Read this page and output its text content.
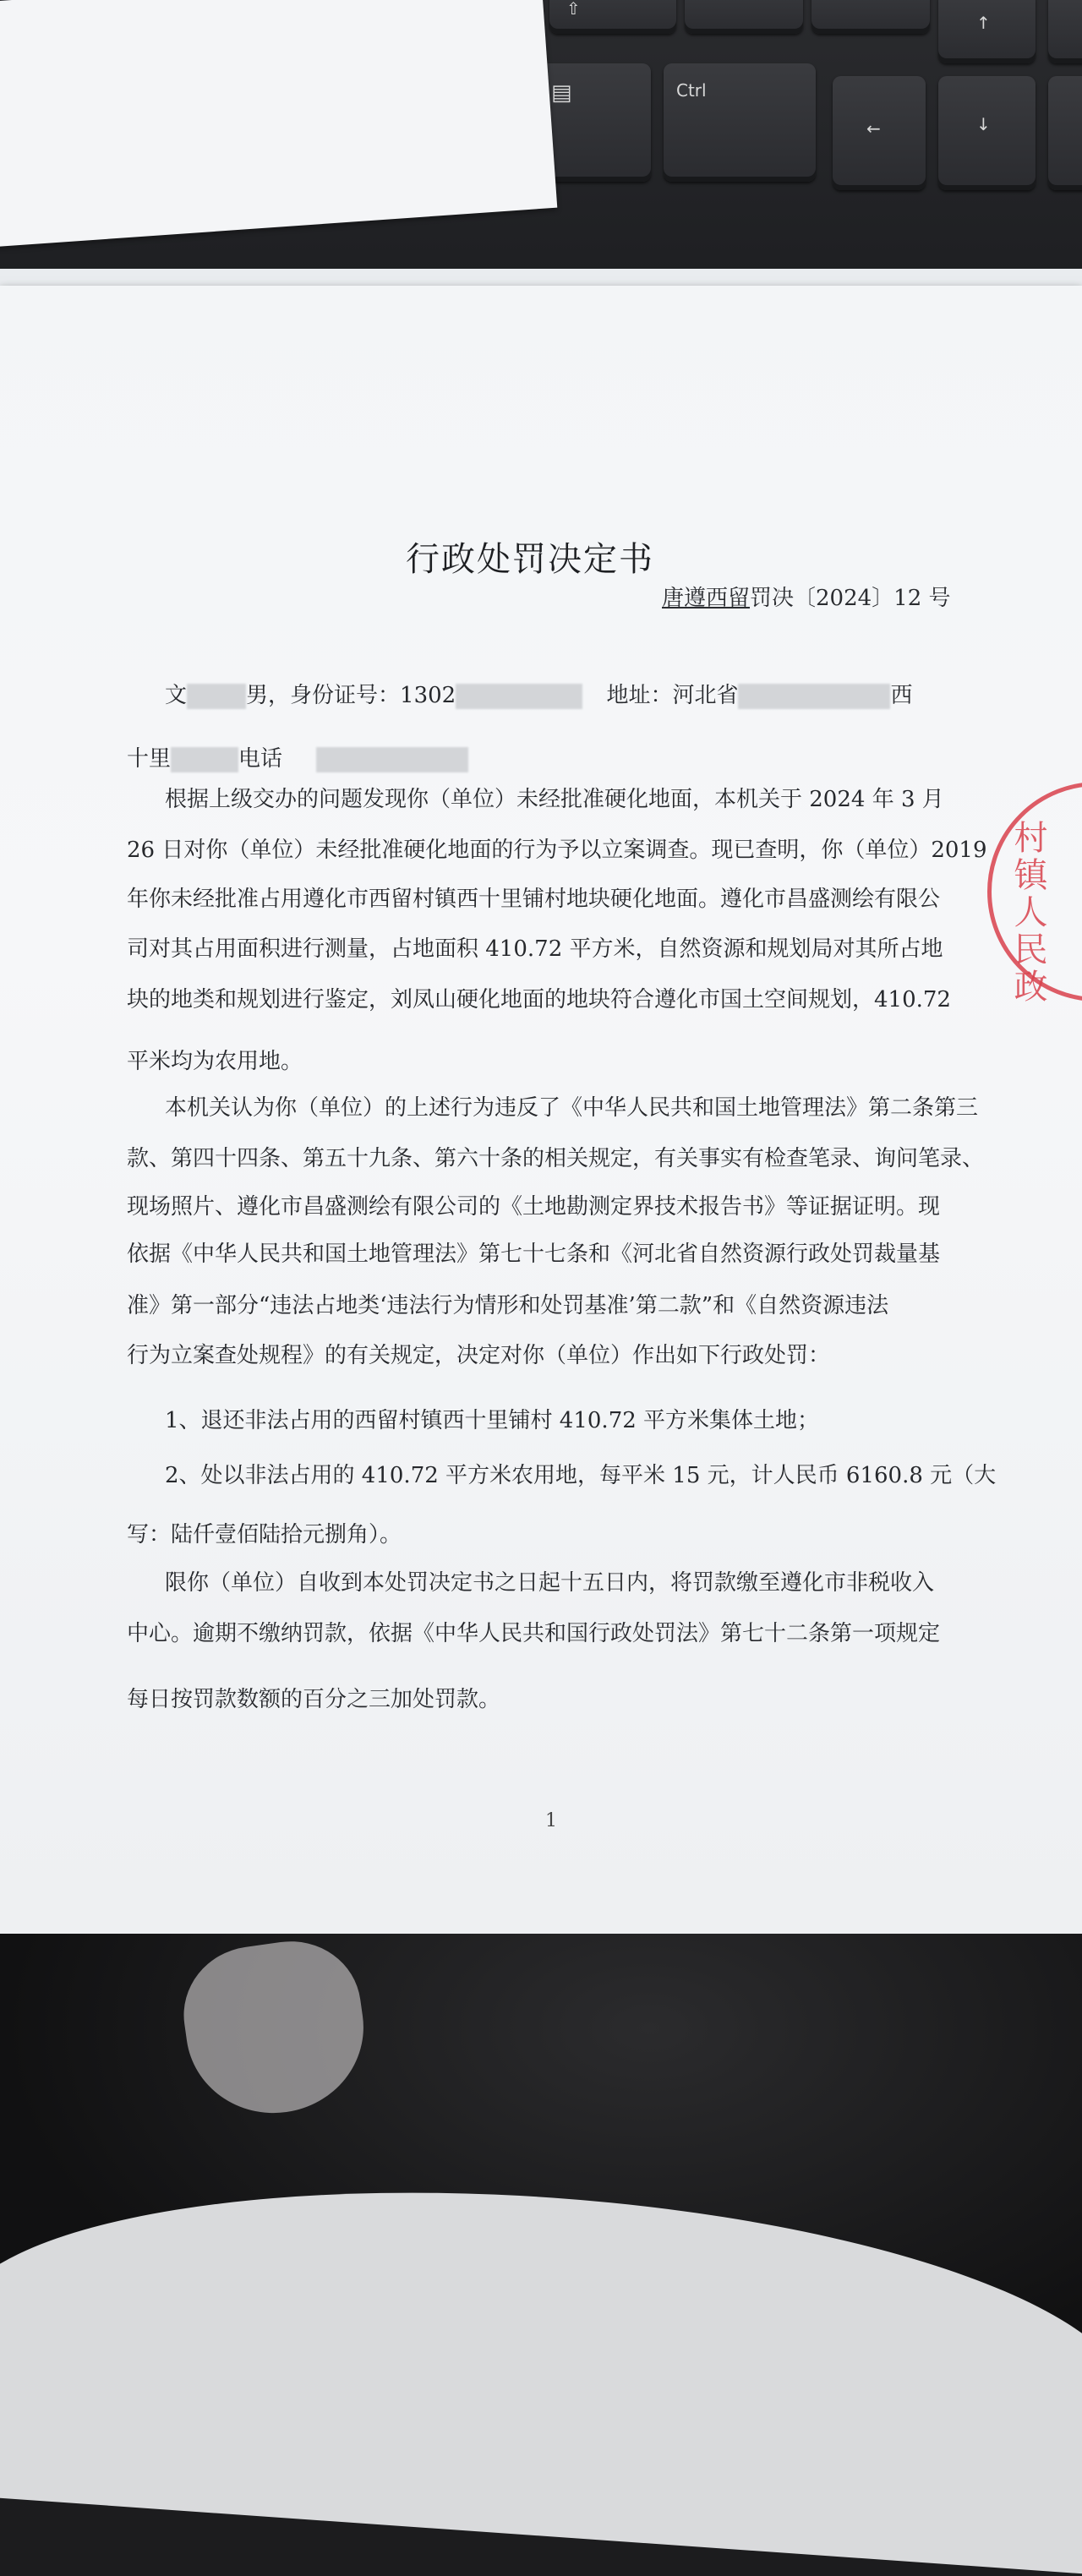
⇧
↑
▤	Ctrl
←	↓
行政处罚决定书
唐遵西留罚决〔2024〕12 号
文	男，身份证号：1302	地址：河北省	西
十里	电话
根据上级交办的问题发现你（单位）未经批准硬化地面，本机关于 2024 年 3 月
26 日对你（单位）未经批准硬化地面的行为予以立案调查。现已查明，你（单位）2019
年你未经批准占用遵化市西留村镇西十里铺村地块硬化地面。遵化市昌盛测绘有限公
司对其占用面积进行测量，占地面积 410.72 平方米，自然资源和规划局对其所占地
块的地类和规划进行鉴定，刘凤山硬化地面的地块符合遵化市国土空间规划，410.72
平米均为农用地。
本机关认为你（单位）的上述行为违反了《中华人民共和国土地管理法》第二条第三
款、第四十四条、第五十九条、第六十条的相关规定，有关事实有检查笔录、询问笔录、
现场照片、遵化市昌盛测绘有限公司的《土地勘测定界技术报告书》等证据证明。现
依据《中华人民共和国土地管理法》第七十七条和《河北省自然资源行政处罚裁量基
准》第一部分“违法占地类‘违法行为情形和处罚基准’第二款”和《自然资源违法
行为立案查处规程》的有关规定，决定对你（单位）作出如下行政处罚：
1、退还非法占用的西留村镇西十里铺村 410.72 平方米集体土地；
2、处以非法占用的 410.72 平方米农用地，每平米 15 元，计人民币 6160.8 元（大
写：陆仟壹佰陆拾元捌角）。
限你（单位）自收到本处罚决定书之日起十五日内，将罚款缴至遵化市非税收入
中心。逾期不缴纳罚款，依据《中华人民共和国行政处罚法》第七十二条第一项规定
每日按罚款数额的百分之三加处罚款。
1
村镇人民政
